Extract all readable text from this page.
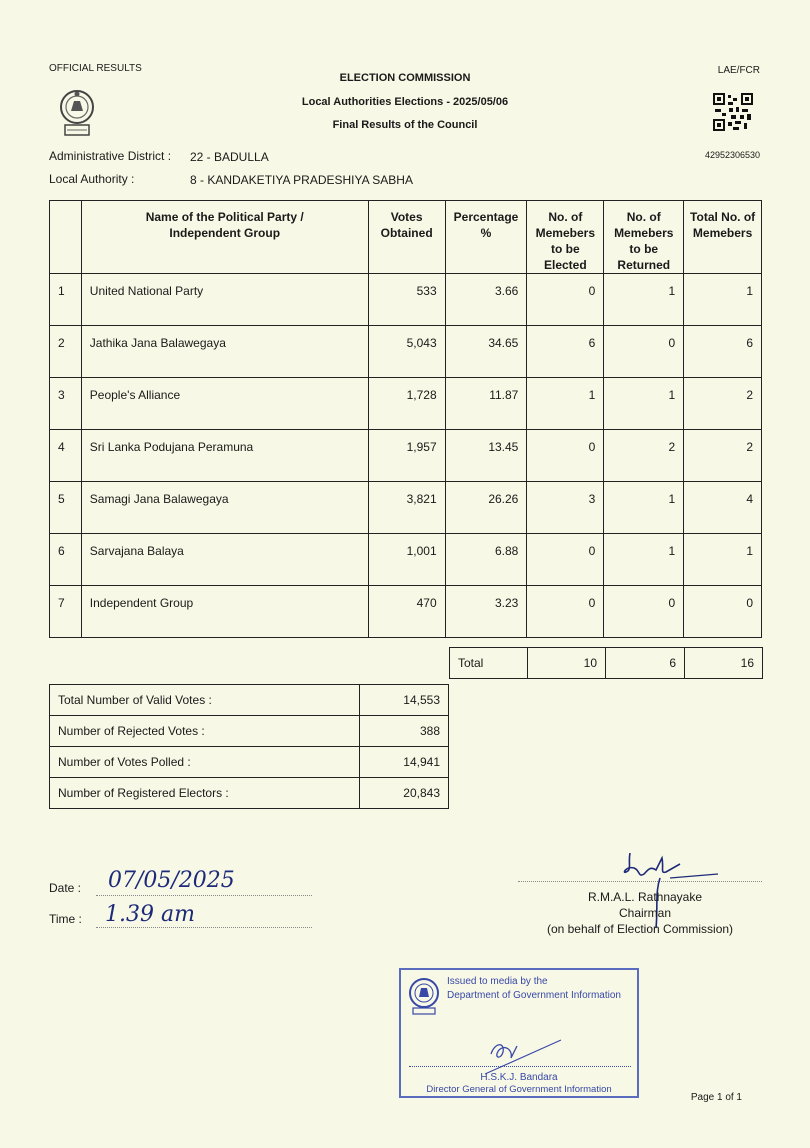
OFFICIAL RESULTS	LAE/FCR
ELECTION COMMISSION
Local Authorities Elections - 2025/05/06
Final Results of the Council
42952306530
Administrative District : 22 - BADULLA
Local Authority :	8 - KANDAKETIYA PRADESHIYA SABHA
	Name of the Political Party / Independent Group	Votes Obtained	Percentage %	No. of Memebers to be Elected	No. of Memebers to be Returned	Total No. of Memebers
1	United National Party	533	3.66	0	1	1
2	Jathika Jana Balawegaya	5,043	34.65	6	0	6
3	People's Alliance	1,728	11.87	1	1	2
4	Sri Lanka Podujana Peramuna	1,957	13.45	0	2	2
5	Samagi Jana Balawegaya	3,821	26.26	3	1	4
6	Sarvajana Balaya	1,001	6.88	0	1	1
7	Independent Group	470	3.23	0	0	0
Total	10	6	16
Total Number of Valid Votes :	14,553
Number of Rejected Votes :	388
Number of Votes Polled :	14,941
Number of Registered Electors :	20,843
Date : 07/05/2025
Time : 1.39 am
R.M.A.L. Rathnayake
Chairman
(on behalf of Election Commission)
Issued to media by the
Department of Government Information
H.S.K.J. Bandara
Director General of Government Information
Page 1 of 1
